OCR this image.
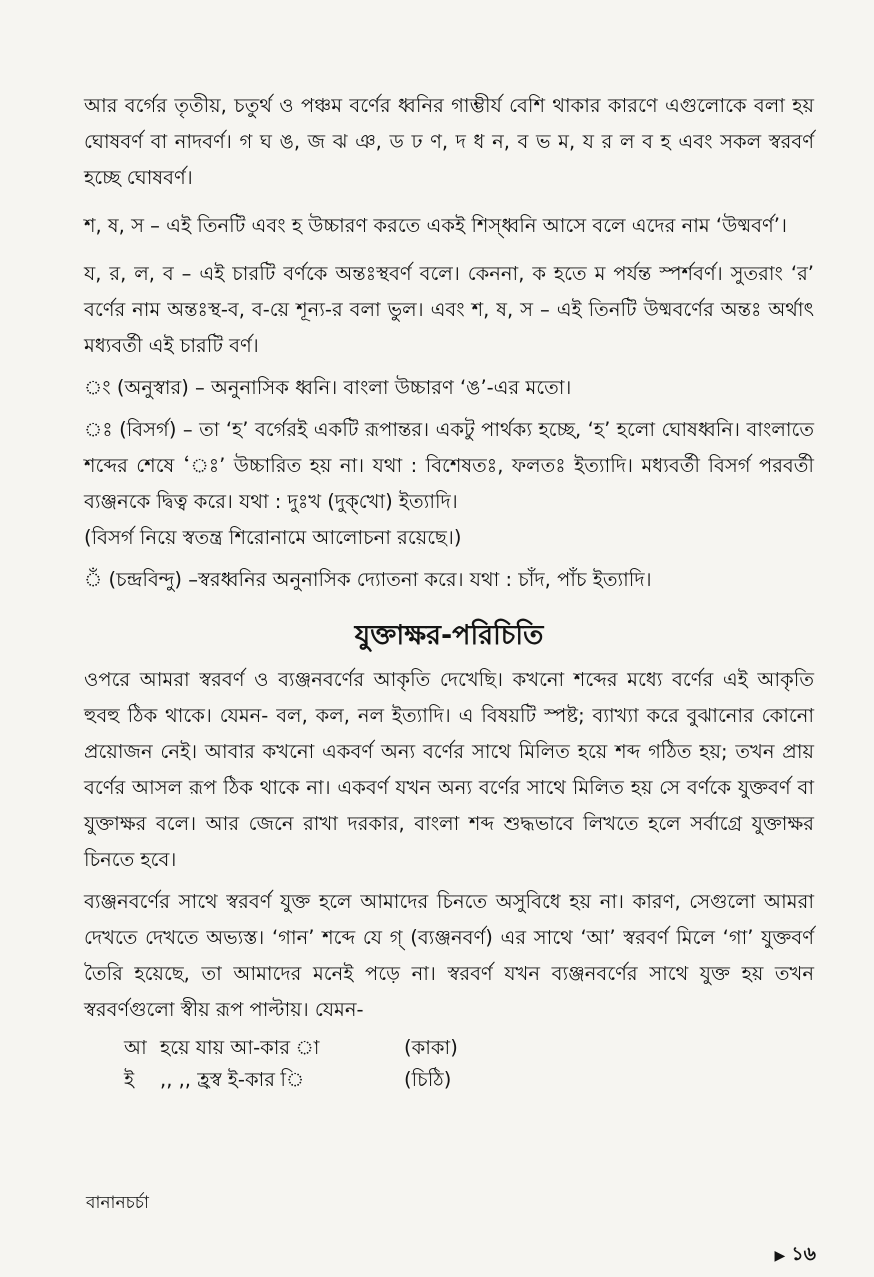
আর বর্গের তৃতীয়, চতুর্থ ও পঞ্চম বর্ণের ধ্বনির গাম্ভীর্য বেশি থাকার কারণে এগুলোকে বলা হয় ঘোষবর্ণ বা নাদবর্ণ। গ ঘ ঙ, জ ঝ ঞ, ড ঢ ণ, দ ধ ন, ব ভ ম, য র ল ব হ এবং সকল স্বরবর্ণ হচ্ছে ঘোষবর্ণ।

শ, ষ, স – এই তিনটি এবং হ উচ্চারণ করতে একই শিস্‌ধ্বনি আসে বলে এদের নাম ‘উষ্মবর্ণ’।

য, র, ল, ব – এই চারটি বর্ণকে অন্তঃস্থবর্ণ বলে। কেননা, ক হতে ম পর্যন্ত স্পর্শবর্ণ। সুতরাং ‘র’ বর্ণের নাম অন্তঃস্থ-ব, ব-য়ে শূন্য-র বলা ভুল। এবং শ, ষ, স – এই তিনটি উষ্মবর্ণের অন্তঃ অর্থাৎ মধ্যবর্তী এই চারটি বর্ণ।

ং (অনুস্বার) – অনুনাসিক ধ্বনি। বাংলা উচ্চারণ ‘ঙ’-এর মতো।

ঃ (বিসর্গ) – তা ‘হ’ বর্গেরই একটি রূপান্তর। একটু পার্থক্য হচ্ছে, ‘হ’ হলো ঘোষধ্বনি। বাংলাতে শব্দের শেষে ‘ঃ’ উচ্চারিত হয় না। যথা : বিশেষতঃ, ফলতঃ ইত্যাদি। মধ্যবর্তী বিসর্গ পরবর্তী ব্যঞ্জনকে দ্বিত্ব করে। যথা : দুঃখ (দুক্‌খো) ইত্যাদি।

(বিসর্গ নিয়ে স্বতন্ত্র শিরোনামে আলোচনা রয়েছে।)

ঁ (চন্দ্রবিন্দু) –স্বরধ্বনির অনুনাসিক দ্যোতনা করে। যথা : চাঁদ, পাঁচ ইত্যাদি।

যুক্তাক্ষর-পরিচিতি

ওপরে আমরা স্বরবর্ণ ও ব্যঞ্জনবর্ণের আকৃতি দেখেছি। কখনো শব্দের মধ্যে বর্ণের এই আকৃতি হুবহু ঠিক থাকে। যেমন- বল, কল, নল ইত্যাদি। এ বিষয়টি স্পষ্ট; ব্যাখ্যা করে বুঝানোর কোনো প্রয়োজন নেই। আবার কখনো একবর্ণ অন্য বর্ণের সাথে মিলিত হয়ে শব্দ গঠিত হয়; তখন প্রায় বর্ণের আসল রূপ ঠিক থাকে না। একবর্ণ যখন অন্য বর্ণের সাথে মিলিত হয় সে বর্ণকে যুক্তবর্ণ বা যুক্তাক্ষর বলে। আর জেনে রাখা দরকার, বাংলা শব্দ শুদ্ধভাবে লিখতে হলে সর্বাগ্রে যুক্তাক্ষর চিনতে হবে।

ব্যঞ্জনবর্ণের সাথে স্বরবর্ণ যুক্ত হলে আমাদের চিনতে অসুবিধে হয় না। কারণ, সেগুলো আমরা দেখতে দেখতে অভ্যস্ত। ‘গান’ শব্দে যে গ্‌ (ব্যঞ্জনবর্ণ) এর সাথে ‘আ’ স্বরবর্ণ মিলে ‘গা’ যুক্তবর্ণ তৈরি হয়েছে, তা আমাদের মনেই পড়ে না। স্বরবর্ণ যখন ব্যঞ্জনবর্ণের সাথে যুক্ত হয় তখন স্বরবর্ণগুলো স্বীয় রূপ পাল্টায়। যেমন-

আ হয়ে যায় আ-কার া	(কাকা)
ই	,, ,, হ্রস্ব ই-কার ি	(চিঠি)
বানানচর্চা
▶ ১৬
